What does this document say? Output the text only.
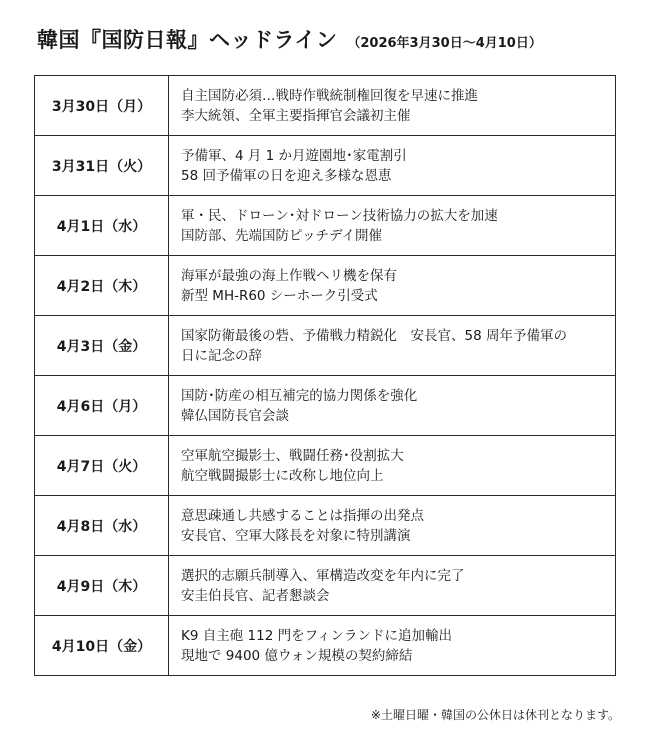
韓国『国防日報』ヘッドライン （2026年3月30日～4月10日）
3月30日（月）	自主国防必須…戦時作戦統制権回復を早速に推進
李大統領、全軍主要指揮官会議初主催

3月31日（火）	予備軍、4 月 1 か月遊園地･家電割引
58 回予備軍の日を迎え多様な恩恵

4月1日（水）	軍・民、ドローン･対ドローン技術協力の拡大を加速
国防部、先端国防ピッチデイ開催

4月2日（木）	海軍が最強の海上作戦ヘリ機を保有
新型 MH-R60 シーホーク引受式

4月3日（金）	国家防衛最後の砦、予備戦力精鋭化　安長官、58 周年予備軍の
日に記念の辞

4月6日（月）	国防･防産の相互補完的協力関係を強化
韓仏国防長官会談

4月7日（火）	空軍航空撮影士、戦闘任務･役割拡大
航空戦闘撮影士に改称し地位向上

4月8日（水）	意思疎通し共感することは指揮の出発点
安長官、空軍大隊長を対象に特別講演

4月9日（木）	選択的志願兵制導入、軍構造改変を年内に完了
安圭伯長官、記者懇談会

4月10日（金）	K9 自主砲 112 門をフィンランドに追加輸出
現地で 9400 億ウォン規模の契約締結
※土曜日曜・韓国の公休日は休刊となります。
